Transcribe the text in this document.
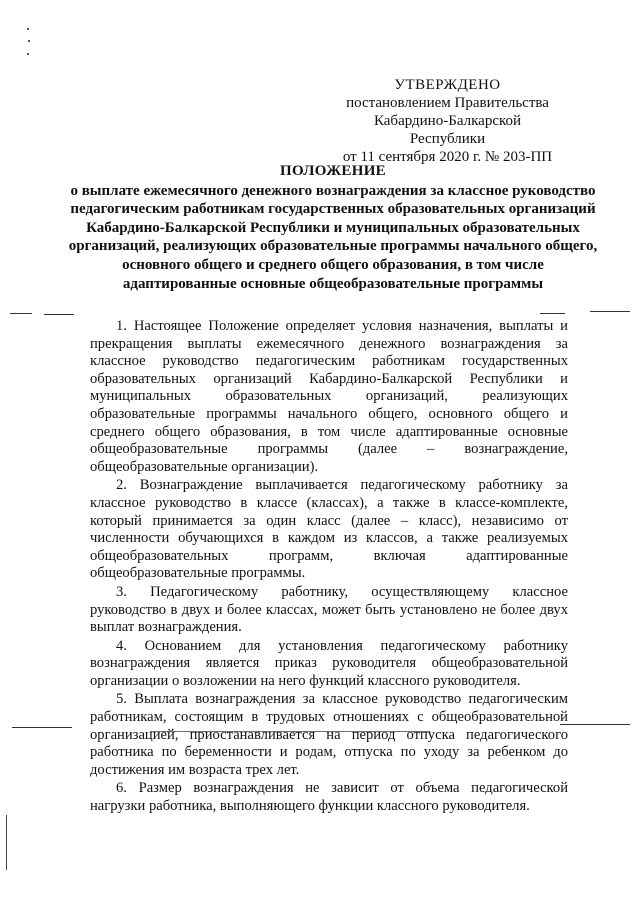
УТВЕРЖДЕНО
постановлением Правительства
Кабардино-Балкарской Республики
от 11 сентября 2020 г. № 203-ПП
ПОЛОЖЕНИЕ
о выплате ежемесячного денежного вознаграждения за классное руководство педагогическим работникам государственных образовательных организаций Кабардино-Балкарской Республики и муниципальных образовательных организаций, реализующих образовательные программы начального общего, основного общего и среднего общего образования, в том числе адаптированные основные общеобразовательные программы

1. Настоящее Положение определяет условия назначения, выплаты и прекращения выплаты ежемесячного денежного вознаграждения за классное руководство педагогическим работникам государственных образовательных организаций Кабардино-Балкарской Республики и муниципальных образовательных организаций, реализующих образовательные программы начального общего, основного общего и среднего общего образования, в том числе адаптированные основные общеобразовательные программы (далее – вознаграждение, общеобразовательные организации).

2. Вознаграждение выплачивается педагогическому работнику за классное руководство в классе (классах), а также в классе-комплекте, который принимается за один класс (далее – класс), независимо от численности обучающихся в каждом из классов, а также реализуемых общеобразовательных программ, включая адаптированные общеобразовательные программы.

3. Педагогическому работнику, осуществляющему классное руководство в двух и более классах, может быть установлено не более двух выплат вознаграждения.

4. Основанием для установления педагогическому работнику вознаграждения является приказ руководителя общеобразовательной организации о возложении на него функций классного руководителя.

5. Выплата вознаграждения за классное руководство педагогическим работникам, состоящим в трудовых отношениях с общеобразовательной организацией, приостанавливается на период отпуска педагогического работника по беременности и родам, отпуска по уходу за ребенком до достижения им возраста трех лет.

6. Размер вознаграждения не зависит от объема педагогической нагрузки работника, выполняющего функции классного руководителя.
